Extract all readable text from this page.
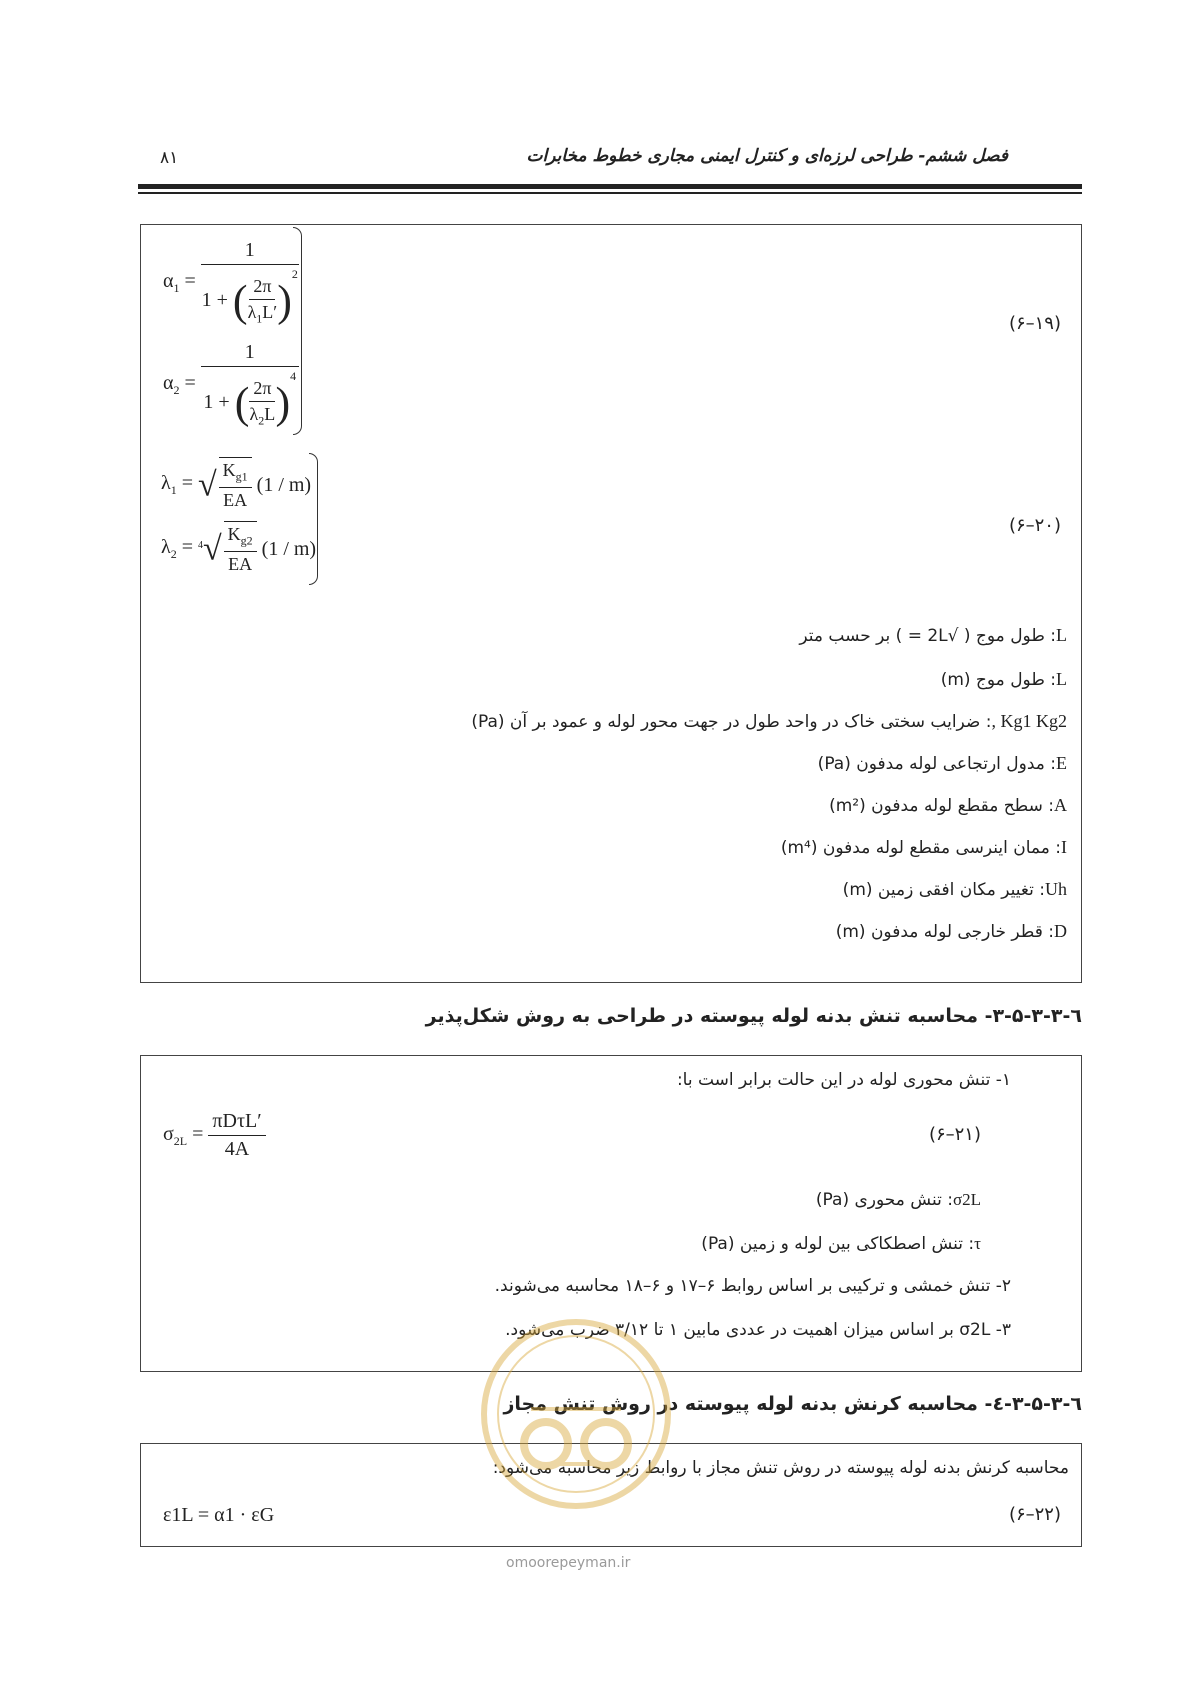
۸۱	فصل ششم- طراحی لرزه‌ای و کنترل ایمنی مجاری خطوط مخابرات
$\alpha_1 = \frac{1}{1 + ( \frac{2\pi}{\lambda_1L'} )^2}$
$\alpha_2 = \frac{1}{1 + ( \frac{2\pi}{\lambda_2L} )^4}$
(۶–۱۹)
$\lambda_1$ = √ $\frac{K_{g1}}{EA} (1 / m)$
$\lambda_2 = ^4√ \frac{K_{g2}}{EA} (1 / m)$
(۶–۲۰)
L: طول موج ( √2L = ) بر حسب متر
L: طول موج (m)
Kg1 Kg2 ,: ضرایب سختی خاک در واحد طول در جهت محور لوله و عمود بر آن (Pa)
E: مدول ارتجاعی لوله مدفون (Pa)
A: سطح مقطع لوله مدفون (m²)
I: ممان اینرسی مقطع لوله مدفون (m⁴)
Uh: تغییر مکان افقی زمین (m)
D: قطر خارجی لوله مدفون (m)
٦-۳-۵-۳-۳- محاسبه تنش بدنه لوله پیوسته در طراحی به روش شکل‌پذیر
۱- تنش محوری لوله در این حالت برابر است با:
$\sigma_{2L} = \frac{\text{πDτL′}}{4A}$	(۶–۲۱)
σ2L: تنش محوری (Pa)
τ: تنش اصطکاکی بین لوله و زمین (Pa)
۲- تنش خمشی و ترکیبی بر اساس روابط ۶–۱۷ و ۶–۱۸ محاسبه می‌شوند.
۳- σ2L بر اساس میزان اهمیت در عددی مابین ۱ تا ۳/۱۲ ضرب می‌شود.
٦-۳-۵-۳-٤- محاسبه کرنش بدنه لوله پیوسته در روش تنش مجاز
محاسبه کرنش بدنه لوله پیوسته در روش تنش مجاز با روابط زیر محاسبه می‌شود:
ε1L = α1 · εG	(۶–۲۲)
omoorepeyman.ir
